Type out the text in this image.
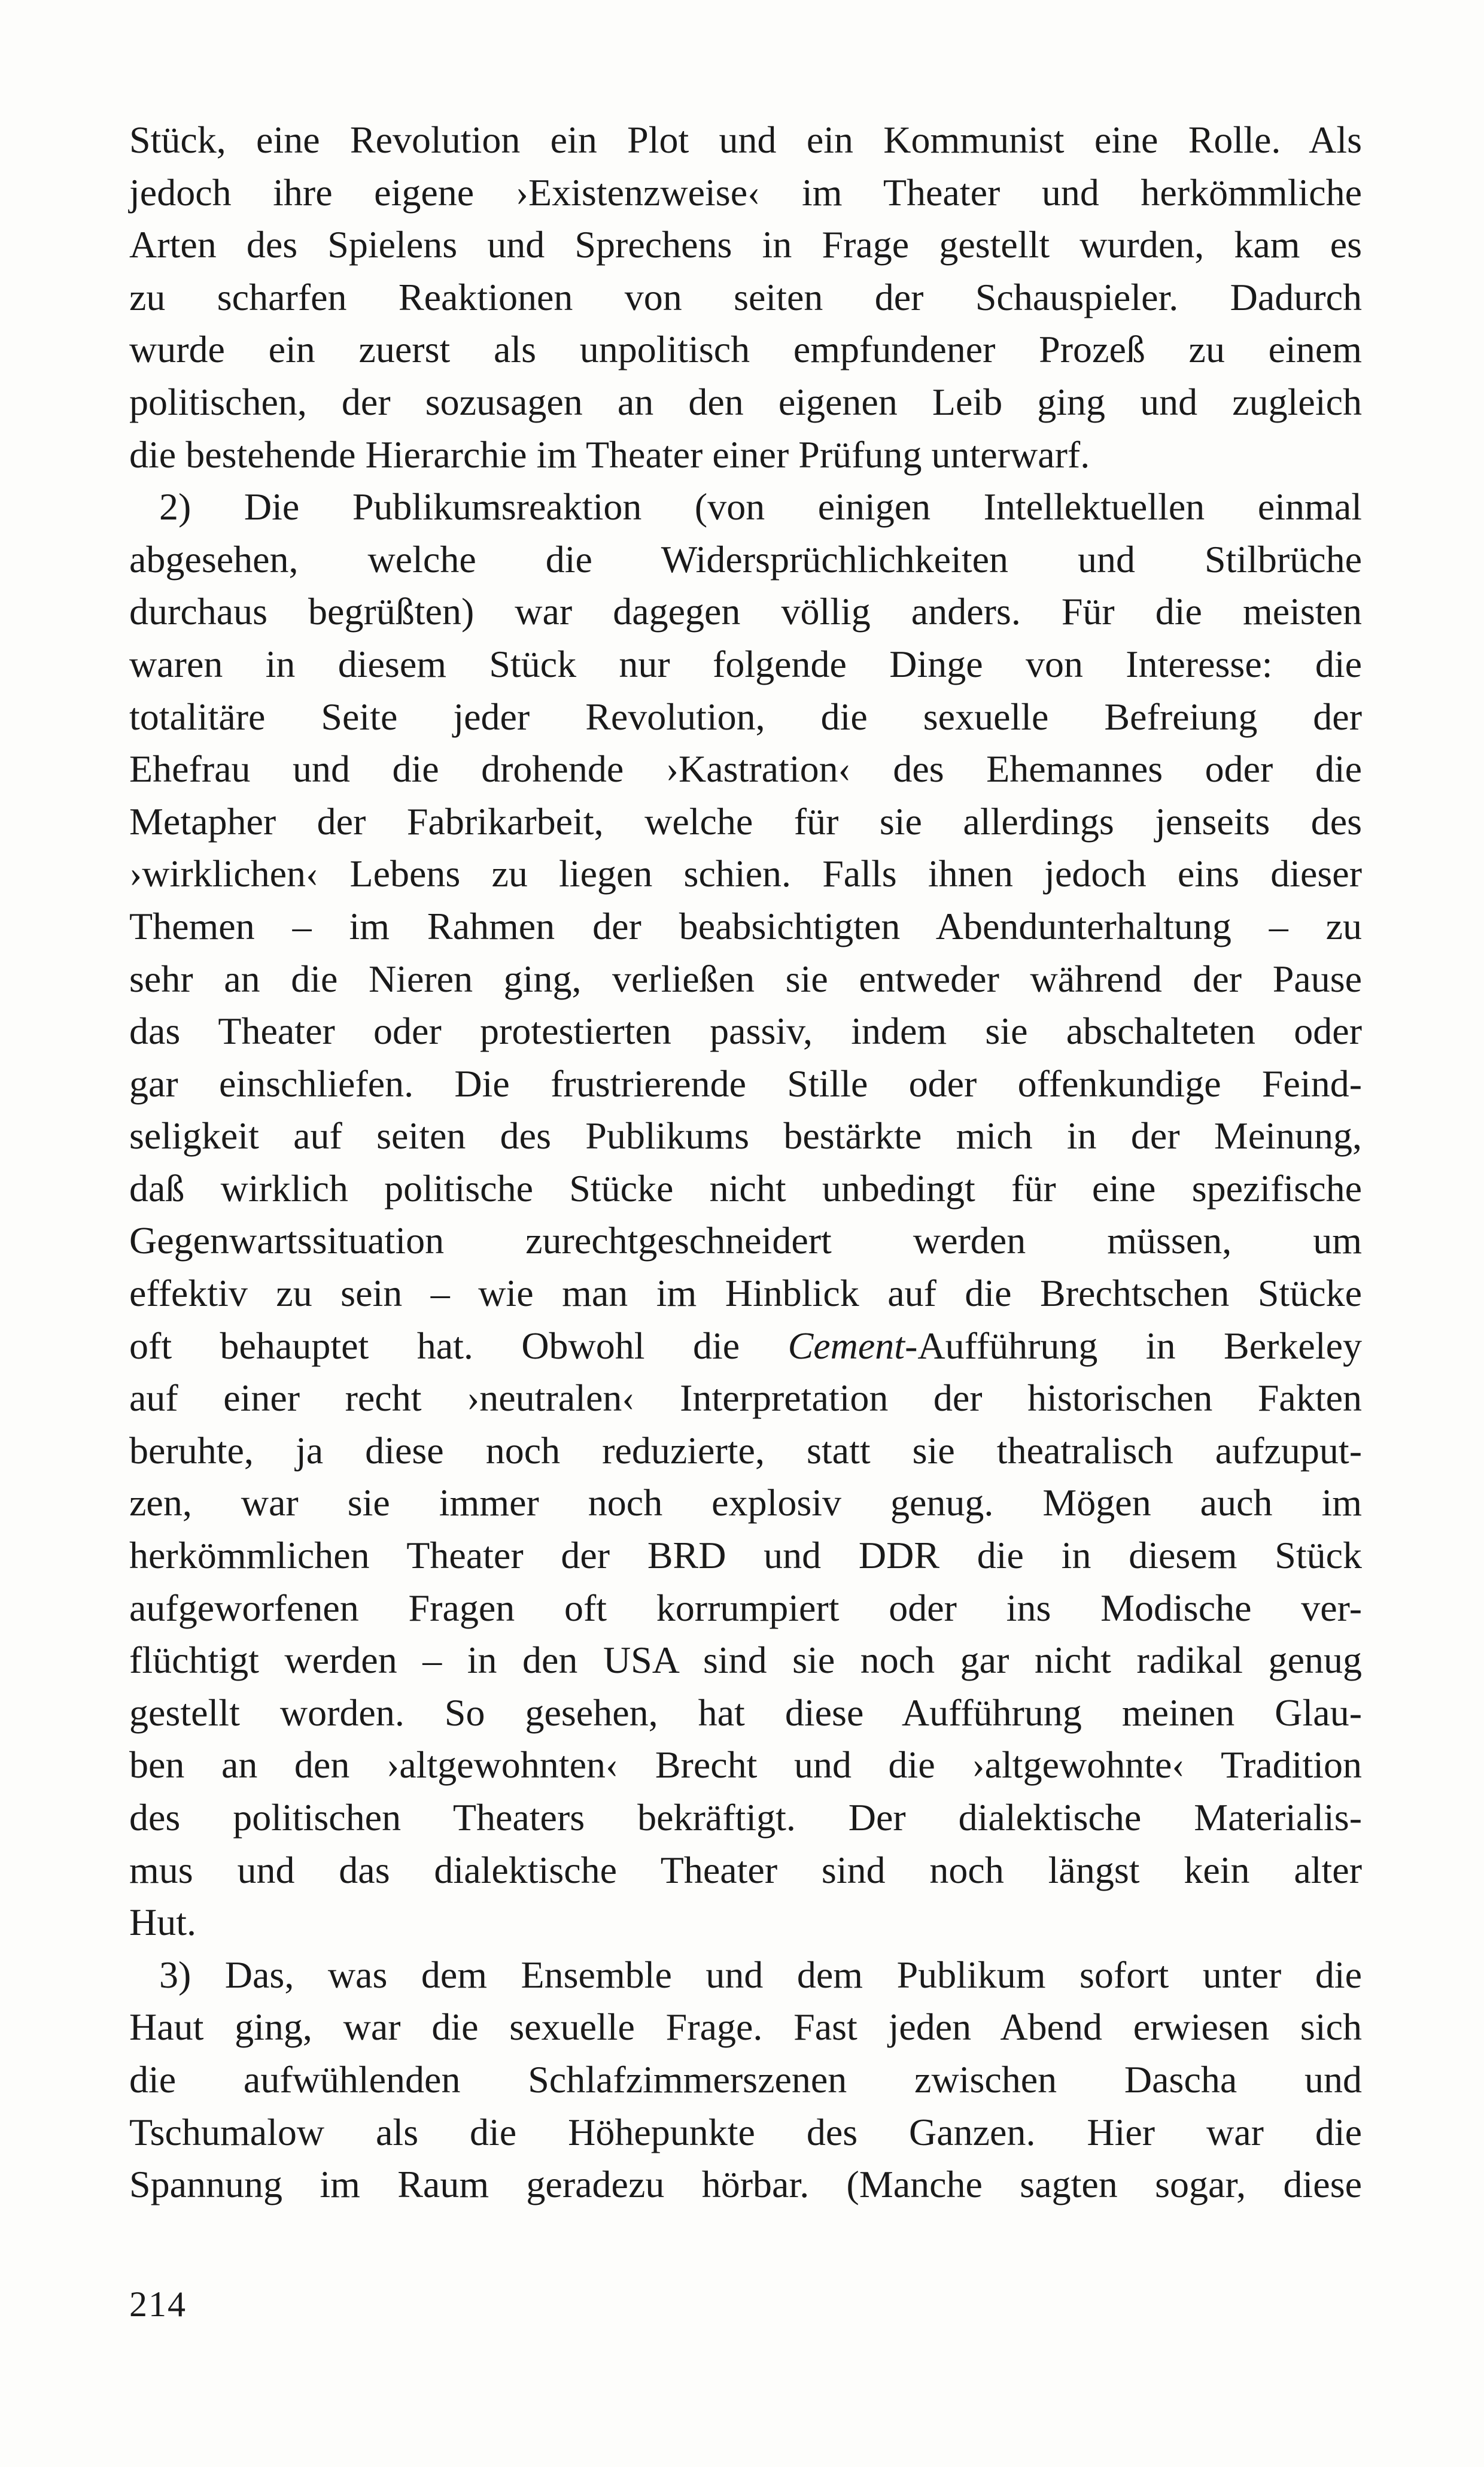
Stück, eine Revolution ein Plot und ein Kommunist eine Rolle. Als
jedoch ihre eigene ›Existenzweise‹ im Theater und herkömmliche
Arten des Spielens und Sprechens in Frage gestellt wurden, kam es
zu scharfen Reaktionen von seiten der Schauspieler. Dadurch
wurde ein zuerst als unpolitisch empfundener Prozeß zu einem
politischen, der sozusagen an den eigenen Leib ging und zugleich
die bestehende Hierarchie im Theater einer Prüfung unterwarf.
2) Die Publikumsreaktion (von einigen Intellektuellen einmal
abgesehen, welche die Widersprüchlichkeiten und Stilbrüche
durchaus begrüßten) war dagegen völlig anders. Für die meisten
waren in diesem Stück nur folgende Dinge von Interesse: die
totalitäre Seite jeder Revolution, die sexuelle Befreiung der
Ehefrau und die drohende ›Kastration‹ des Ehemannes oder die
Metapher der Fabrikarbeit, welche für sie allerdings jenseits des
›wirklichen‹ Lebens zu liegen schien. Falls ihnen jedoch eins dieser
Themen – im Rahmen der beabsichtigten Abendunterhaltung – zu
sehr an die Nieren ging, verließen sie entweder während der Pause
das Theater oder protestierten passiv, indem sie abschalteten oder
gar einschliefen. Die frustrierende Stille oder offenkundige Feind-
seligkeit auf seiten des Publikums bestärkte mich in der Meinung,
daß wirklich politische Stücke nicht unbedingt für eine spezifische
Gegenwartssituation zurechtgeschneidert werden müssen, um
effektiv zu sein – wie man im Hinblick auf die Brechtschen Stücke
oft behauptet hat. Obwohl die Cement-Aufführung in Berkeley
auf einer recht ›neutralen‹ Interpretation der historischen Fakten
beruhte, ja diese noch reduzierte, statt sie theatralisch aufzuput-
zen, war sie immer noch explosiv genug. Mögen auch im
herkömmlichen Theater der BRD und DDR die in diesem Stück
aufgeworfenen Fragen oft korrumpiert oder ins Modische ver-
flüchtigt werden – in den USA sind sie noch gar nicht radikal genug
gestellt worden. So gesehen, hat diese Aufführung meinen Glau-
ben an den ›altgewohnten‹ Brecht und die ›altgewohnte‹ Tradition
des politischen Theaters bekräftigt. Der dialektische Materialis-
mus und das dialektische Theater sind noch längst kein alter
Hut.
3) Das, was dem Ensemble und dem Publikum sofort unter die
Haut ging, war die sexuelle Frage. Fast jeden Abend erwiesen sich
die aufwühlenden Schlafzimmerszenen zwischen Dascha und
Tschumalow als die Höhepunkte des Ganzen. Hier war die
Spannung im Raum geradezu hörbar. (Manche sagten sogar, diese
214
